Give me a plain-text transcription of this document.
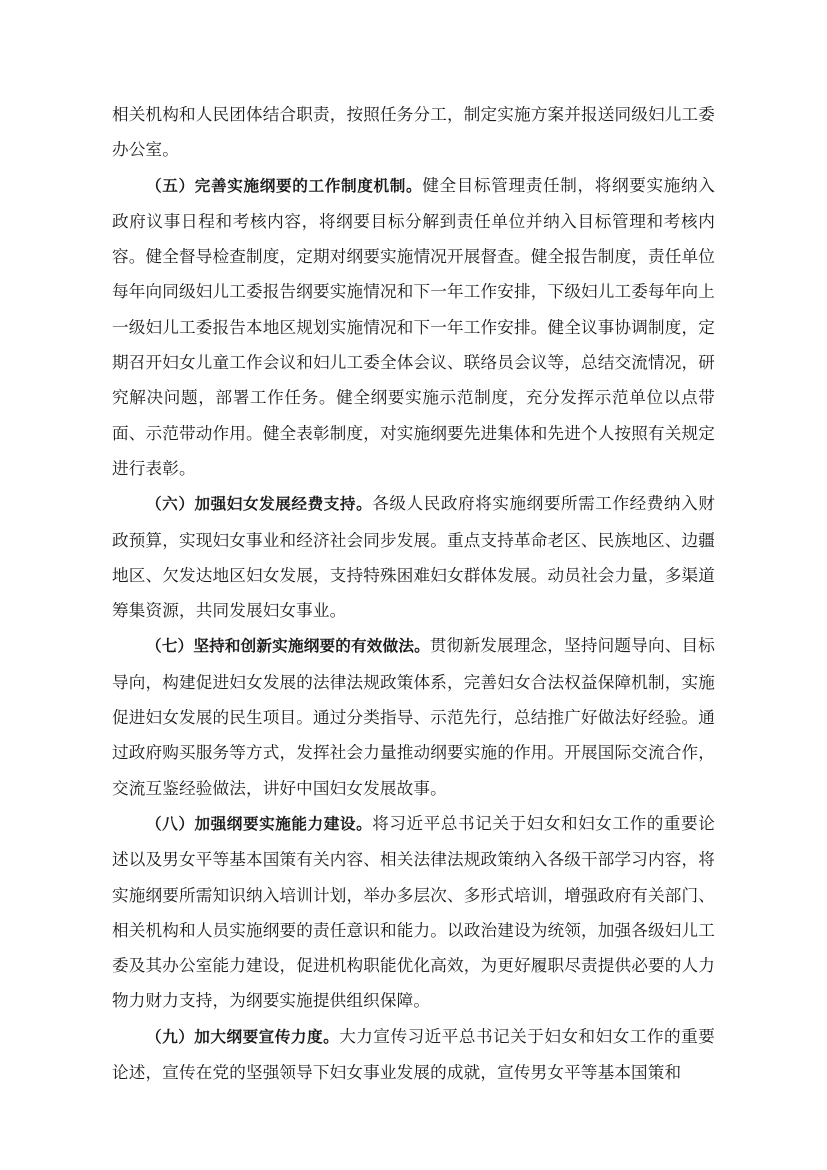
相关机构和人民团体结合职责，按照任务分工，制定实施方案并报送同级妇儿工委办公室。

（五）完善实施纲要的工作制度机制。健全目标管理责任制，将纲要实施纳入政府议事日程和考核内容，将纲要目标分解到责任单位并纳入目标管理和考核内容。健全督导检查制度，定期对纲要实施情况开展督查。健全报告制度，责任单位每年向同级妇儿工委报告纲要实施情况和下一年工作安排，下级妇儿工委每年向上一级妇儿工委报告本地区规划实施情况和下一年工作安排。健全议事协调制度，定期召开妇女儿童工作会议和妇儿工委全体会议、联络员会议等，总结交流情况，研究解决问题，部署工作任务。健全纲要实施示范制度，充分发挥示范单位以点带面、示范带动作用。健全表彰制度，对实施纲要先进集体和先进个人按照有关规定进行表彰。

（六）加强妇女发展经费支持。各级人民政府将实施纲要所需工作经费纳入财政预算，实现妇女事业和经济社会同步发展。重点支持革命老区、民族地区、边疆地区、欠发达地区妇女发展，支持特殊困难妇女群体发展。动员社会力量，多渠道筹集资源，共同发展妇女事业。

（七）坚持和创新实施纲要的有效做法。贯彻新发展理念，坚持问题导向、目标导向，构建促进妇女发展的法律法规政策体系，完善妇女合法权益保障机制，实施促进妇女发展的民生项目。通过分类指导、示范先行，总结推广好做法好经验。通过政府购买服务等方式，发挥社会力量推动纲要实施的作用。开展国际交流合作，交流互鉴经验做法，讲好中国妇女发展故事。

（八）加强纲要实施能力建设。将习近平总书记关于妇女和妇女工作的重要论述以及男女平等基本国策有关内容、相关法律法规政策纳入各级干部学习内容，将实施纲要所需知识纳入培训计划，举办多层次、多形式培训，增强政府有关部门、相关机构和人员实施纲要的责任意识和能力。以政治建设为统领，加强各级妇儿工委及其办公室能力建设，促进机构职能优化高效，为更好履职尽责提供必要的人力物力财力支持，为纲要实施提供组织保障。

（九）加大纲要宣传力度。大力宣传习近平总书记关于妇女和妇女工作的重要论述，宣传在党的坚强领导下妇女事业发展的成就，宣传男女平等基本国策和
